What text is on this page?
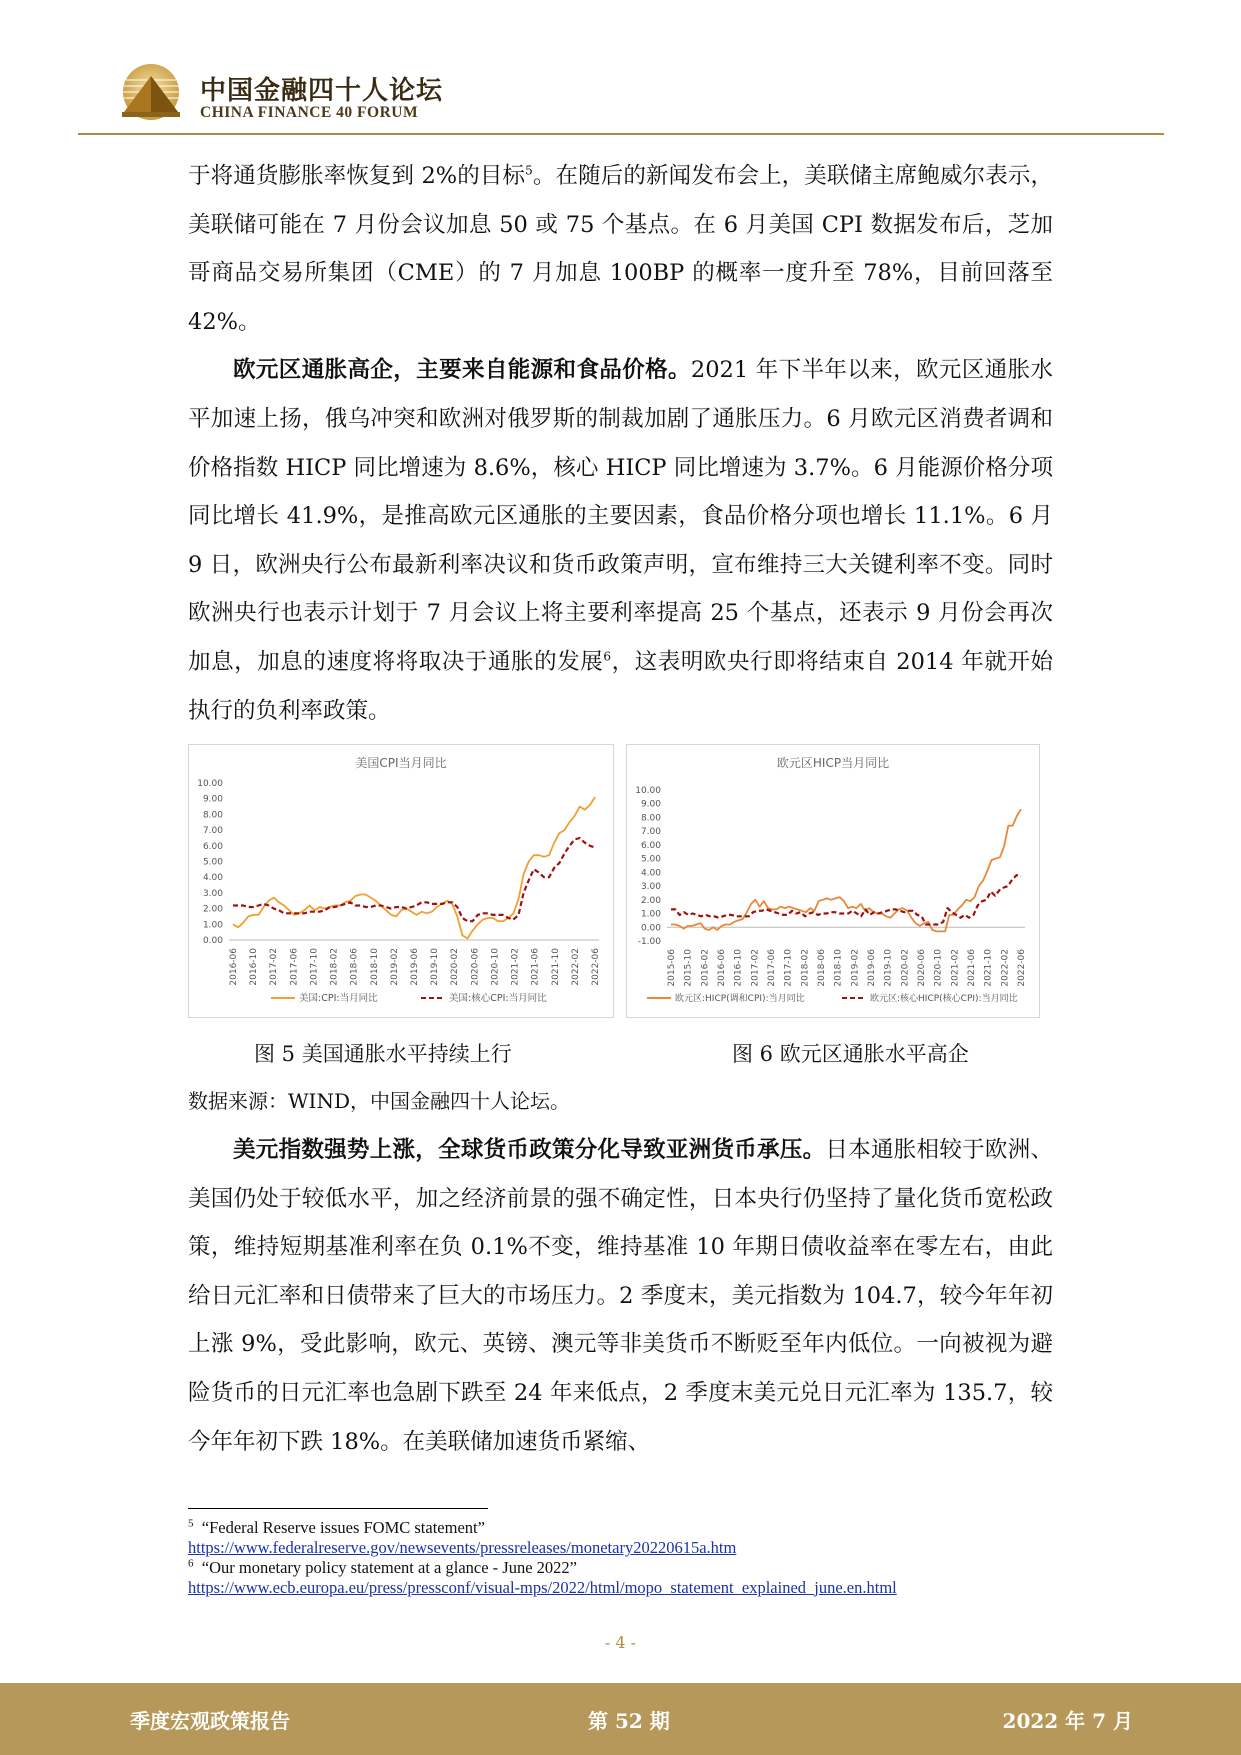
中国金融四十人论坛
CHINA FINANCE 40 FORUM

于将通货膨胀率恢复到 2%的目标$^5$。在随后的新闻发布会上，美联储主席鲍威尔表示，美联储可能在 7 月份会议加息 50 或 75 个基点。在 6 月美国 CPI 数据发布后，芝加哥商品交易所集团（CME）的 7 月加息 100BP 的概率一度升至 78%，目前回落至 42%。

欧元区通胀高企，主要来自能源和食品价格。2021 年下半年以来，欧元区通胀水平加速上扬，俄乌冲突和欧洲对俄罗斯的制裁加剧了通胀压力。6 月欧元区消费者调和价格指数 HICP 同比增速为 8.6%，核心 HICP 同比增速为 3.7%。6 月能源价格分项同比增长 41.9%，是推高欧元区通胀的主要因素，食品价格分项也增长 11.1%。6 月 9 日，欧洲央行公布最新利率决议和货币政策声明，宣布维持三大关键利率不变。同时欧洲央行也表示计划于 7 月会议上将主要利率提高 25 个基点，还表示 9 月份会再次加息，加息的速度将将取决于通胀的发展$^6$，这表明欧央行即将结束自 2014 年就开始执行的负利率政策。

美国CPI当月同比
10.00
9.00
8.00
7.00
6.00
5.00
4.00
3.00
2.00
1.00
0.00
2016-06 2016-10 2017-02 2017-06 2017-10 2018-02 2018-06 2018-10 2019-02 2019-06 2019-10 2020-02 2020-06 2020-10 2021-02 2021-06 2021-10 2022-02 2022-06
美国:CPI:当月同比	美国:核心CPI:当月同比
欧元区HICP当月同比
10.00
9.00
8.00
7.00
6.00
5.00
4.00
3.00
2.00
1.00
0.00
-1.00
2015-06 2015-10 2016-02 2016-06 2016-10 2017-02 2017-06 2017-10 2018-02 2018-06 2018-10 2019-02 2019-06 2019-10 2020-02 2020-06 2020-10 2021-02 2021-06 2021-10 2022-02 2022-06
欧元区:HICP(调和CPI):当月同比	欧元区:核心HICP(核心CPI):当月同比
图 5 美国通胀水平持续上行	图 6 欧元区通胀水平高企
数据来源：WIND，中国金融四十人论坛。

美元指数强势上涨，全球货币政策分化导致亚洲货币承压。日本通胀相较于欧洲、美国仍处于较低水平，加之经济前景的强不确定性，日本央行仍坚持了量化货币宽松政策，维持短期基准利率在负 0.1%不变，维持基准 10 年期日债收益率在零左右，由此给日元汇率和日债带来了巨大的市场压力。2 季度末，美元指数为 104.7，较今年年初上涨 9%，受此影响，欧元、英镑、澳元等非美货币不断贬至年内低位。一向被视为避险货币的日元汇率也急剧下跌至 24 年来低点，2 季度末美元兑日元汇率为 135.7，较今年年初下跌 18%。在美联储加速货币紧缩、

$^5$ “Federal Reserve issues FOMC statement”
https://www.federalreserve.gov/newsevents/pressreleases/monetary20220615a.htm
$^6$ “Our monetary policy statement at a glance - June 2022”
https://www.ecb.europa.eu/press/pressconf/visual-mps/2022/html/mopo_statement_explained_june.en.html
- 4 -
季度宏观政策报告	第 52 期	2022 年 7 月
